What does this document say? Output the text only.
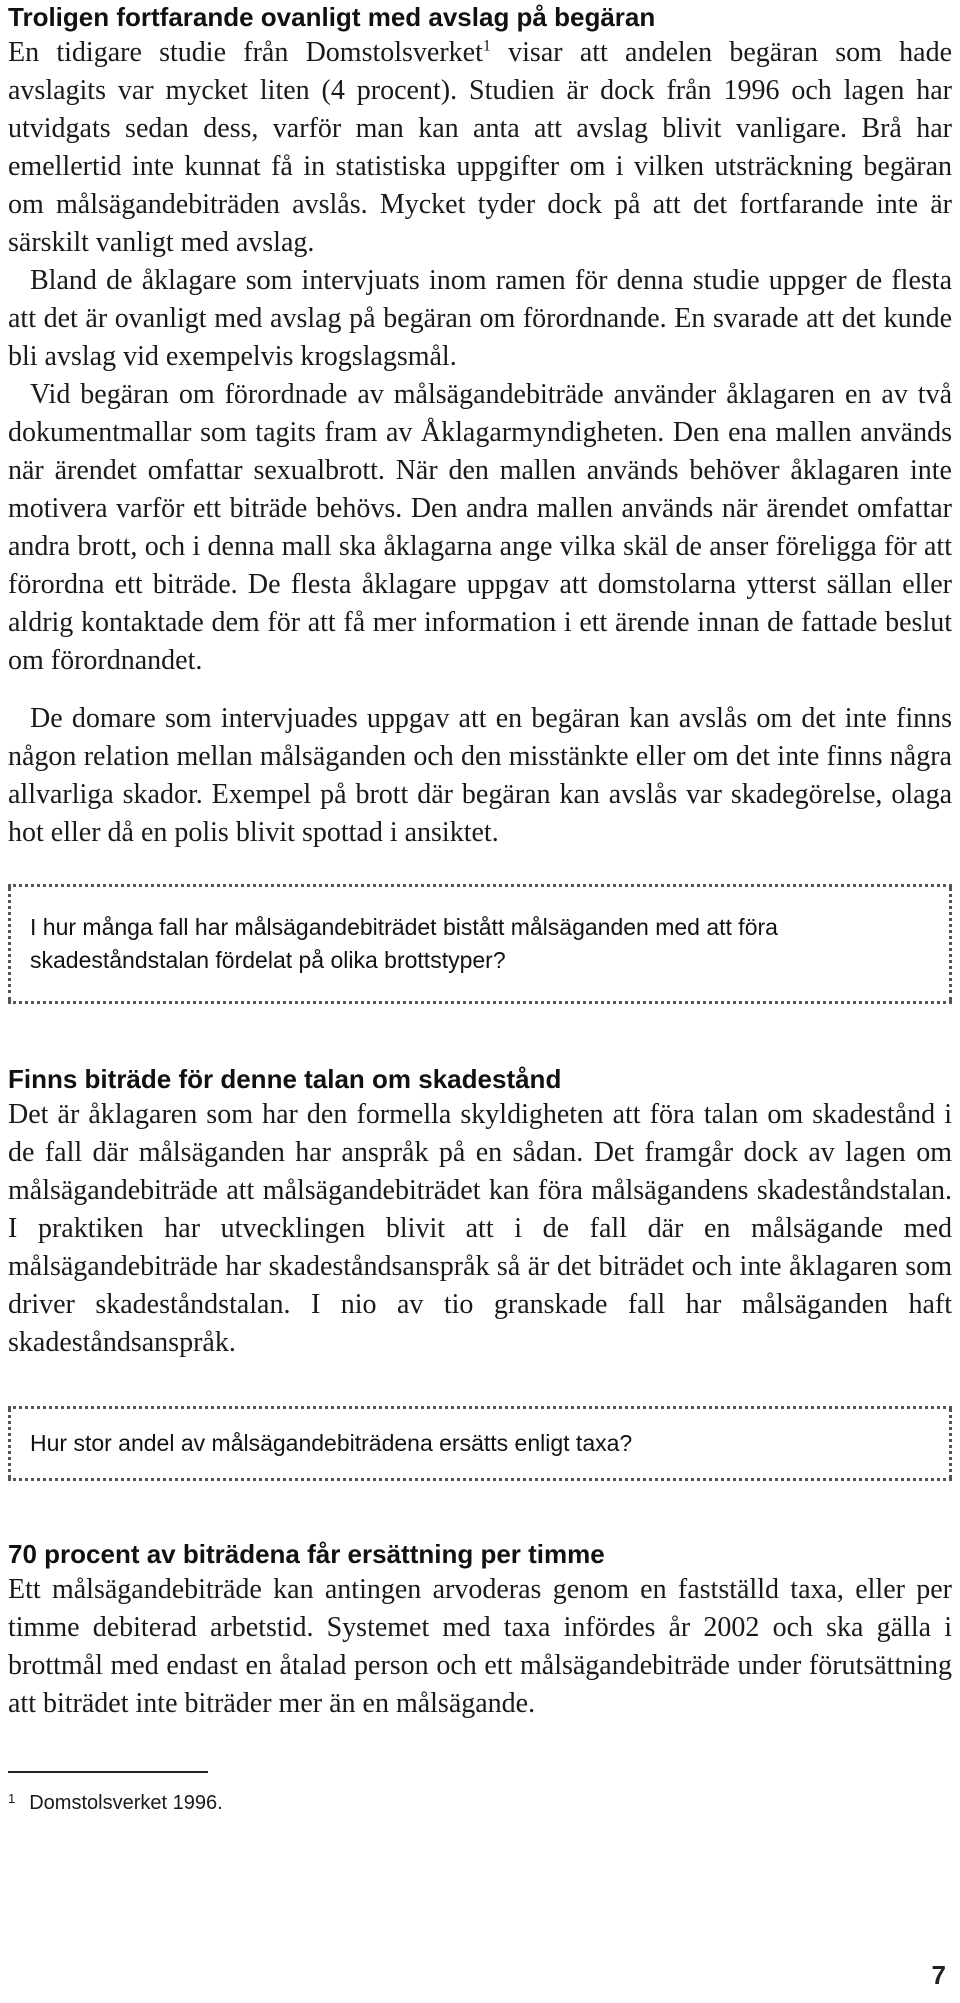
Troligen fortfarande ovanligt med avslag på begäran

En tidigare studie från Domstolsverket$^1$ visar att andelen begäran som hade avslagits var mycket liten (4 procent). Studien är dock från 1996 och lagen har utvidgats sedan dess, varför man kan anta att avslag blivit vanligare. Brå har emellertid inte kunnat få in statistiska uppgifter om i vilken utsträckning begäran om målsägandebiträden avslås. Mycket tyder dock på att det fortfarande inte är särskilt vanligt med avslag.

Bland de åklagare som intervjuats inom ramen för denna studie uppger de flesta att det är ovanligt med avslag på begäran om förordnande. En svarade att det kunde bli avslag vid exempelvis krogslagsmål.

Vid begäran om förordnade av målsägandebiträde använder åklagaren en av två dokumentmallar som tagits fram av Åklagarmyndigheten. Den ena mallen används när ärendet omfattar sexualbrott. När den mallen används behöver åklagaren inte motivera varför ett biträde behövs. Den andra mallen används när ärendet omfattar andra brott, och i denna mall ska åklagarna ange vilka skäl de anser föreligga för att förordna ett biträde. De flesta åklagare uppgav att domstolarna ytterst sällan eller aldrig kontaktade dem för att få mer information i ett ärende innan de fattade beslut om förordnandet.

De domare som intervjuades uppgav att en begäran kan avslås om det inte finns någon relation mellan målsäganden och den misstänkte eller om det inte finns några allvarliga skador. Exempel på brott där begäran kan avslås var skadegörelse, olaga hot eller då en polis blivit spottad i ansiktet.

I hur många fall har målsägandebiträdet bistått målsäganden med att föra skadeståndstalan fördelat på olika brottstyper?
Finns biträde för denne talan om skadestånd

Det är åklagaren som har den formella skyldigheten att föra talan om skadestånd i de fall där målsäganden har anspråk på en sådan. Det framgår dock av lagen om målsägandebiträde att målsägandebiträdet kan föra målsägandens skadeståndstalan. I praktiken har utvecklingen blivit att i de fall där en målsägande med målsägandebiträde har skadeståndsanspråk så är det biträdet och inte åklagaren som driver skadeståndstalan. I nio av tio granskade fall har målsäganden haft skadeståndsanspråk.

Hur stor andel av målsägandebiträdena ersätts enligt taxa?
70 procent av biträdena får ersättning per timme

Ett målsägandebiträde kan antingen arvoderas genom en fastställd taxa, eller per timme debiterad arbetstid. Systemet med taxa infördes år 2002 och ska gälla i brottmål med endast en åtalad person och ett målsägandebiträde under förutsättning att biträdet inte biträder mer än en målsägande.

$^1$ Domstolsverket 1996.
7
